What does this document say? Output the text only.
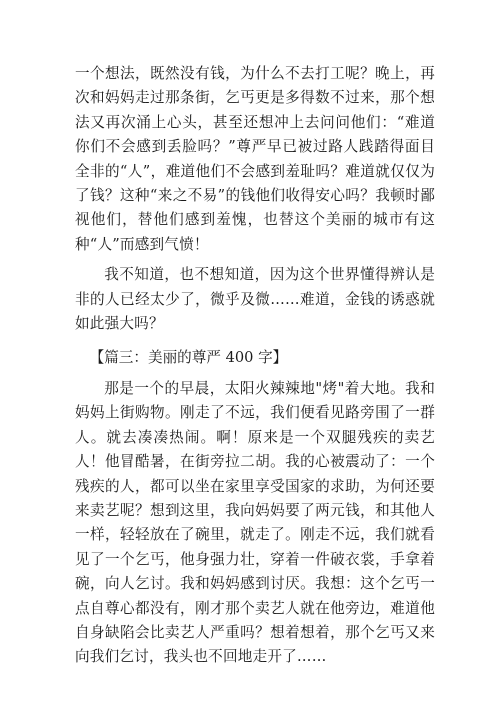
一个想法，既然没有钱，为什么不去打工呢？晚上，再次和妈妈走过那条街，乞丐更是多得数不过来，那个想法又再次涌上心头，甚至还想冲上去问问他们：“难道你们不会感到丢脸吗？”尊严早已被过路人践踏得面目全非的“人”，难道他们不会感到羞耻吗？难道就仅仅为了钱？这种“来之不易”的钱他们收得安心吗？我顿时鄙视他们，替他们感到羞愧，也替这个美丽的城市有这种“人”而感到气愤！

我不知道，也不想知道，因为这个世界懂得辨认是非的人已经太少了，微乎及微……难道，金钱的诱惑就如此强大吗？

【篇三：美丽的尊严 400 字】

那是一个的早晨，太阳火辣辣地"烤"着大地。我和妈妈上街购物。刚走了不远，我们便看见路旁围了一群人。就去凑凑热闹。啊！原来是一个双腿残疾的卖艺人！他冒酷暑，在街旁拉二胡。我的心被震动了：一个残疾的人，都可以坐在家里享受国家的求助，为何还要来卖艺呢？想到这里，我向妈妈要了两元钱，和其他人一样，轻轻放在了碗里，就走了。刚走不远，我们就看见了一个乞丐，他身强力壮，穿着一件破衣裳，手拿着碗，向人乞讨。我和妈妈感到讨厌。我想：这个乞丐一点自尊心都没有，刚才那个卖艺人就在他旁边，难道他自身缺陷会比卖艺人严重吗？想着想着，那个乞丐又来向我们乞讨，我头也不回地走开了……
